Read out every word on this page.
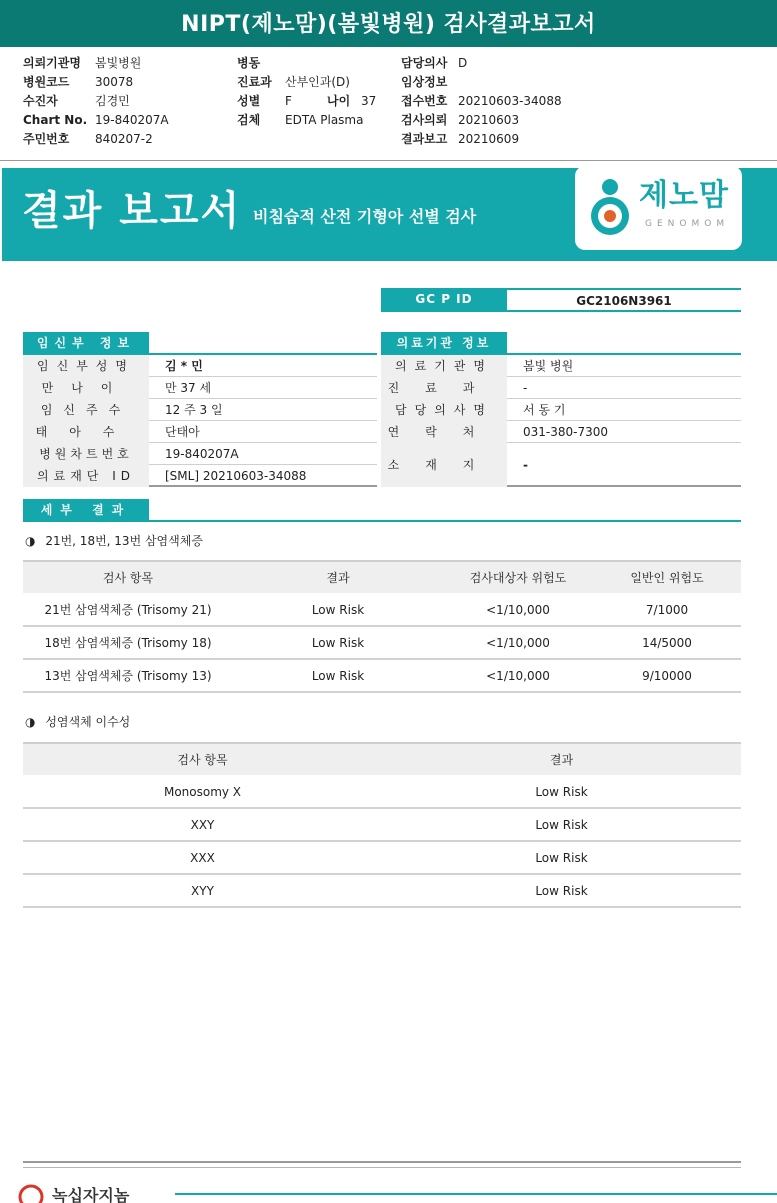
NIPT(제노맘)(봄빛병원) 검사결과보고서
의뢰기관명 봄빛병원
병원코드 30078
수진자	김경민
Chart No. 19-840207A
주민번호 840207-2
병동
진료과 산부인과(D)
성별 F	나이 37
검체 EDTA Plasma
담당의사 D
임상정보
접수번호 20210603-34088
검사의뢰 20210603
결과보고 20210609
결과 보고서 비침습적 산전 기형아 선별 검사
제노맘
GENOMOM
GC P ID	GC2106N3961
임신부 정보
임신부성명	김 * 민
만나이	만 37 세
임신주수	12 주 3 일
태아수	단태아
병원차트번호	19-840207A
의료재단 ID	[SML] 20210603-34088
의료기관 정보
의료기관명	봄빛 병원
진료과	-
담당의사명	서 동 기
연락처	031-380-7300
소재지	-
세부 결과
◑ 21번, 18번, 13번 삼염색체증
검사 항목	결과	검사대상자 위험도	일반인 위험도
21번 삼염색체증 (Trisomy 21)	Low Risk	<1/10,000	7/1000
18번 삼염색체증 (Trisomy 18)	Low Risk	<1/10,000	14/5000
13번 삼염색체증 (Trisomy 13)	Low Risk	<1/10,000	9/10000
◑ 성염색체 이수성
검사 항목	결과
Monosomy X	Low Risk
XXY	Low Risk
XXX	Low Risk
XYY	Low Risk
녹십자지놈
